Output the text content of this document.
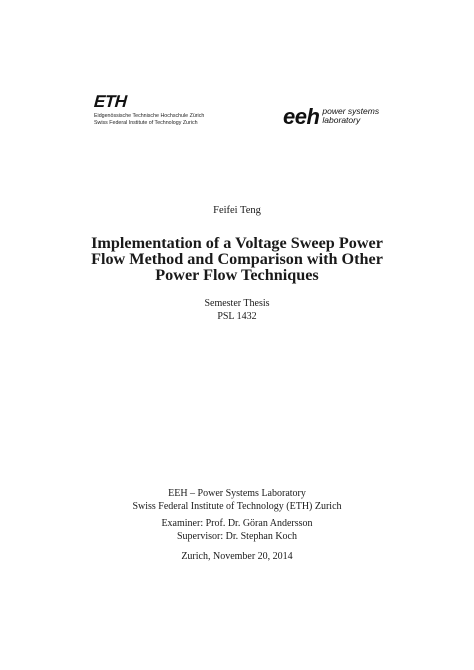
ETH
Eidgenössische Technische Hochschule Zürich
Swiss Federal Institute of Technology Zurich	eeh power systems
laboratory
Feifei Teng
Implementation of a Voltage Sweep Power
Flow Method and Comparison with Other
Power Flow Techniques
Semester Thesis
PSL 1432
EEH – Power Systems Laboratory
Swiss Federal Institute of Technology (ETH) Zurich
Examiner: Prof. Dr. Göran Andersson
Supervisor: Dr. Stephan Koch
Zurich, November 20, 2014
